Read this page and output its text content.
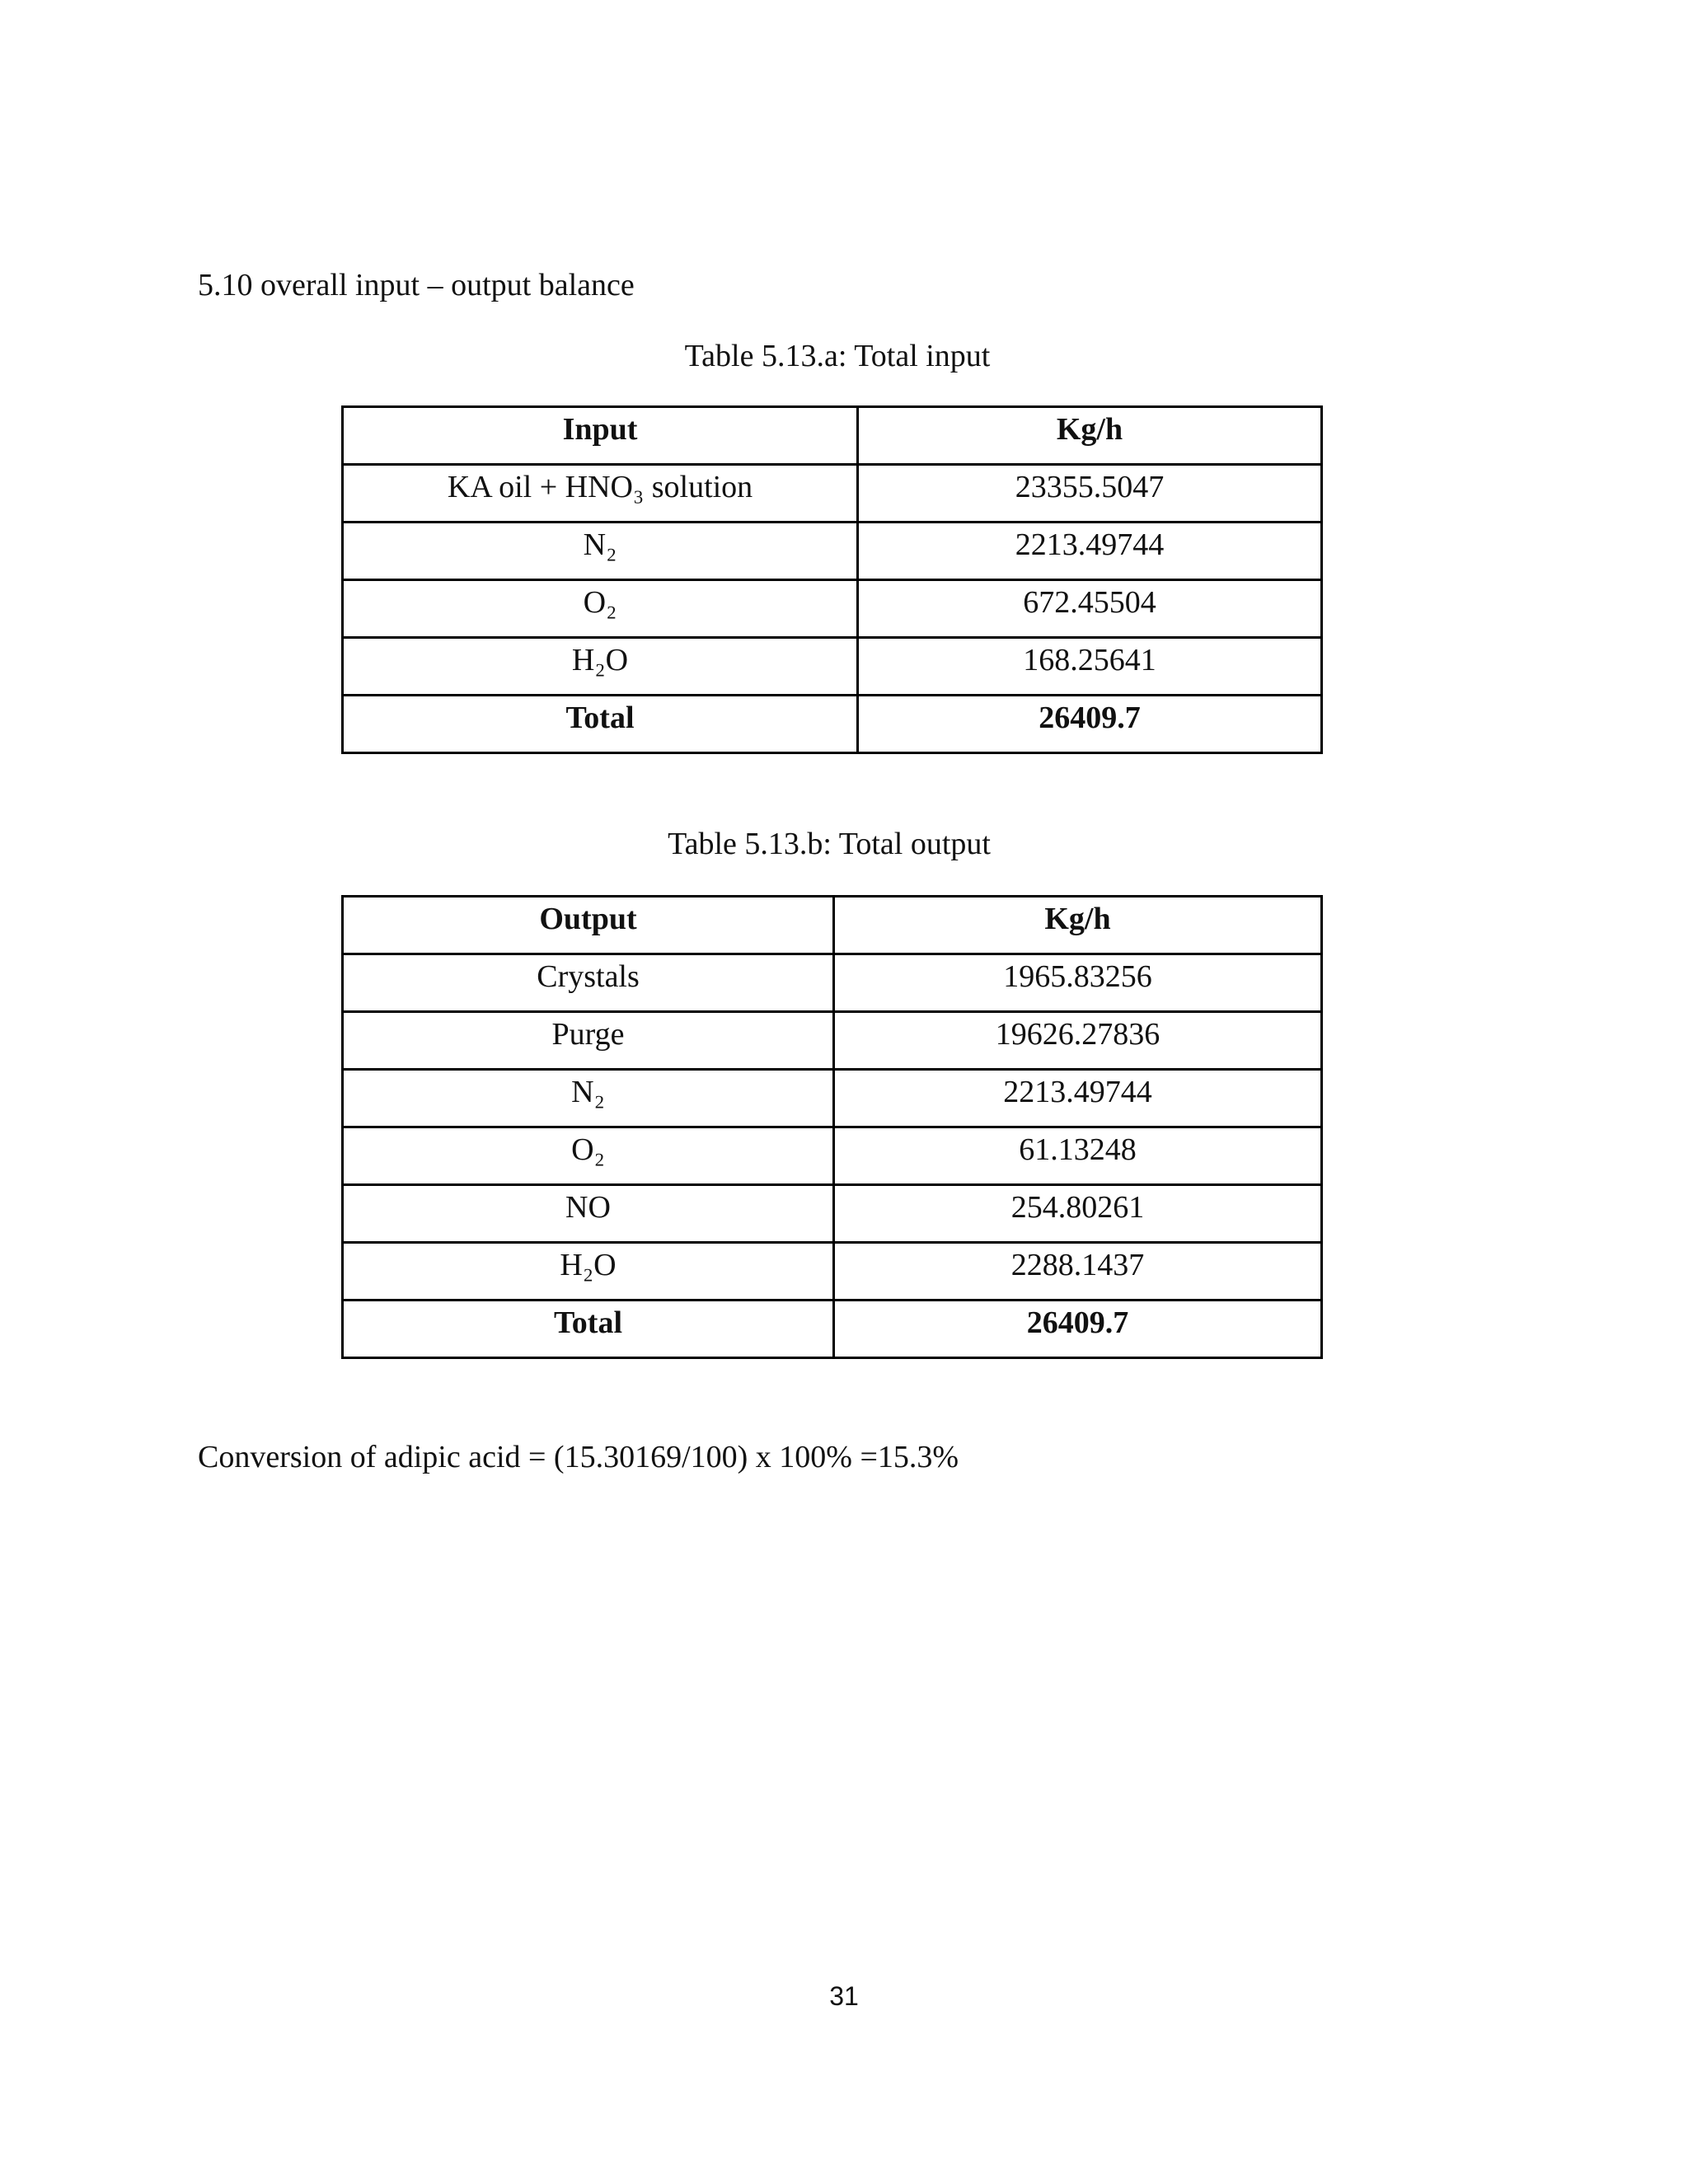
5.10 overall input – output balance
Table 5.13.a: Total input
Input	Kg/h
KA oil + HNO₃ solution	23355.5047
N₂	2213.49744
O₂	672.45504
H₂O	168.25641
Total	26409.7
Table 5.13.b: Total output
Output	Kg/h
Crystals	1965.83256
Purge	19626.27836
N₂	2213.49744
O₂	61.13248
NO	254.80261
H₂O	2288.1437
Total	26409.7
Conversion of adipic acid = (15.30169/100) x 100% =15.3%
31
